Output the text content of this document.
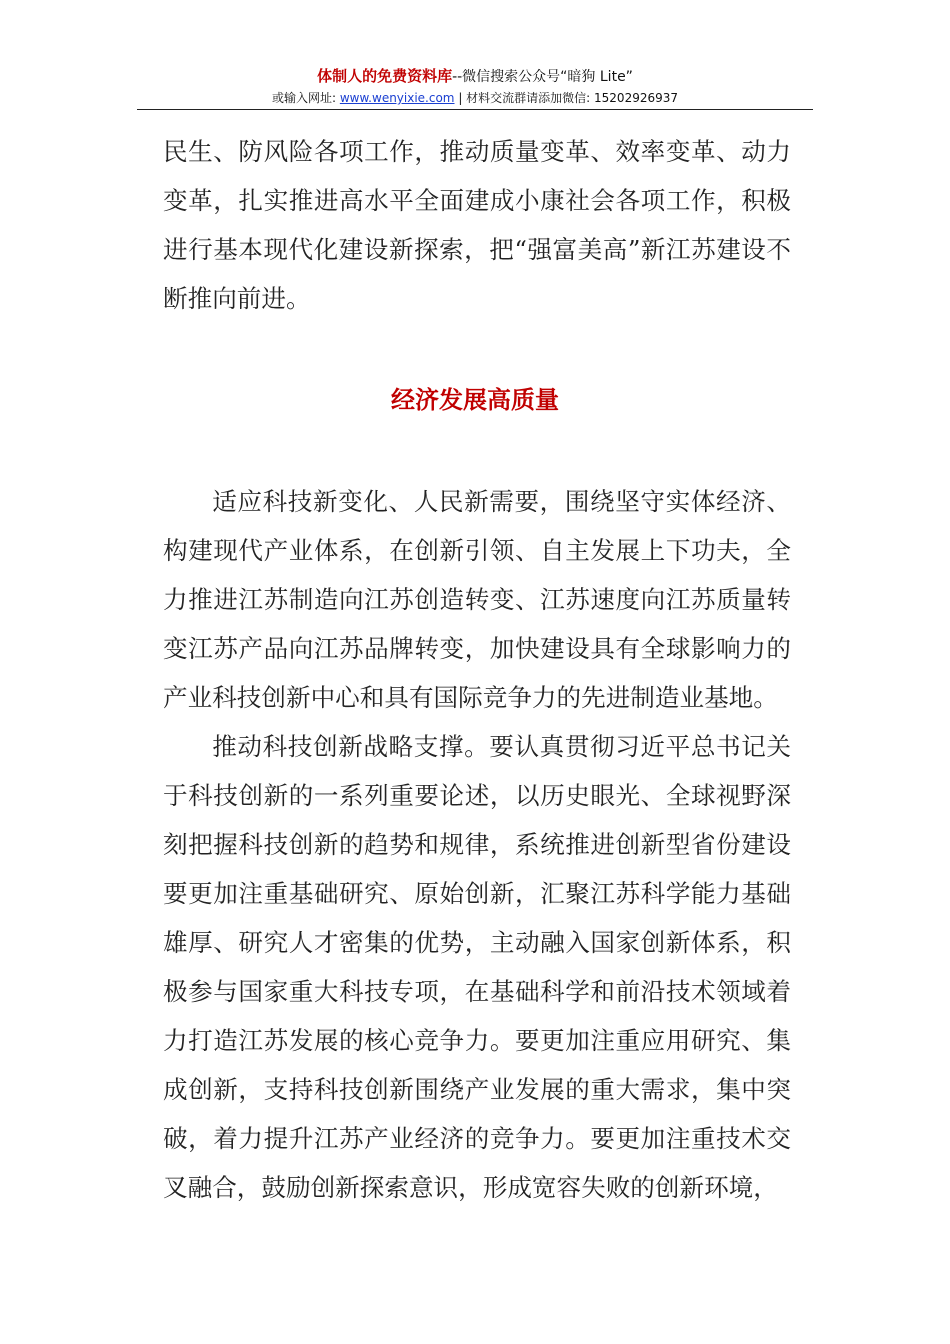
体制人的免费资料库--微信搜索公众号“暗狗 Lite”
或输入网址: www.wenyixie.com | 材料交流群请添加微信: 15202926937

民生、防风险各项工作，推动质量变革、效率变革、动力变革，扎实推进高水平全面建成小康社会各项工作，积极进行基本现代化建设新探索，把“强富美高”新江苏建设不断推向前进。

经济发展高质量

适应科技新变化、人民新需要，围绕坚守实体经济、构建现代产业体系，在创新引领、自主发展上下功夫，全力推进江苏制造向江苏创造转变、江苏速度向江苏质量转变江苏产品向江苏品牌转变，加快建设具有全球影响力的产业科技创新中心和具有国际竞争力的先进制造业基地。

推动科技创新战略支撑。要认真贯彻习近平总书记关于科技创新的一系列重要论述，以历史眼光、全球视野深刻把握科技创新的趋势和规律，系统推进创新型省份建设要更加注重基础研究、原始创新，汇聚江苏科学能力基础雄厚、研究人才密集的优势，主动融入国家创新体系，积极参与国家重大科技专项，在基础科学和前沿技术领域着力打造江苏发展的核心竞争力。要更加注重应用研究、集成创新，支持科技创新围绕产业发展的重大需求，集中突破，着力提升江苏产业经济的竞争力。要更加注重技术交叉融合，鼓励创新探索意识，形成宽容失败的创新环境，
